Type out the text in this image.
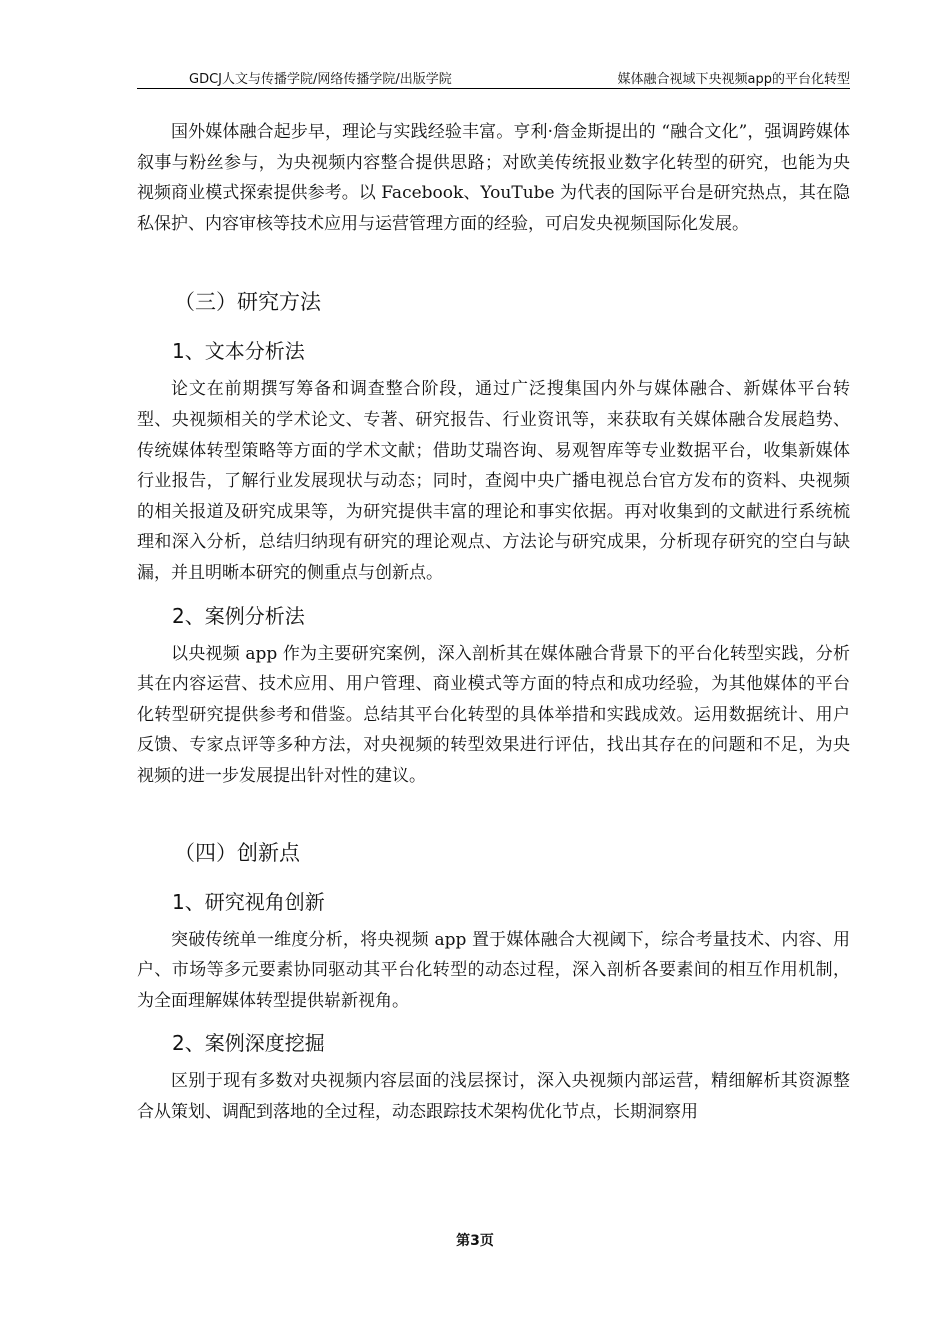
GDCJ人文与传播学院/网络传播学院/出版学院	媒体融合视域下央视频app的平台化转型

国外媒体融合起步早，理论与实践经验丰富。亨利·詹金斯提出的 “融合文化”，强调跨媒体叙事与粉丝参与，为央视频内容整合提供思路；对欧美传统报业数字化转型的研究，也能为央视频商业模式探索提供参考。以 Facebook、YouTube 为代表的国际平台是研究热点，其在隐私保护、内容审核等技术应用与运营管理方面的经验，可启发央视频国际化发展。

（三）研究方法
1、文本分析法

论文在前期撰写筹备和调查整合阶段，通过广泛搜集国内外与媒体融合、新媒体平台转型、央视频相关的学术论文、专著、研究报告、行业资讯等，来获取有关媒体融合发展趋势、传统媒体转型策略等方面的学术文献；借助艾瑞咨询、易观智库等专业数据平台，收集新媒体行业报告，了解行业发展现状与动态；同时，查阅中央广播电视总台官方发布的资料、央视频的相关报道及研究成果等，为研究提供丰富的理论和事实依据。再对收集到的文献进行系统梳理和深入分析，总结归纳现有研究的理论观点、方法论与研究成果，分析现存研究的空白与缺漏，并且明晰本研究的侧重点与创新点。

2、案例分析法

以央视频 app 作为主要研究案例，深入剖析其在媒体融合背景下的平台化转型实践，分析其在内容运营、技术应用、用户管理、商业模式等方面的特点和成功经验，为其他媒体的平台化转型研究提供参考和借鉴。总结其平台化转型的具体举措和实践成效。运用数据统计、用户反馈、专家点评等多种方法，对央视频的转型效果进行评估，找出其存在的问题和不足，为央视频的进一步发展提出针对性的建议。

（四）创新点
1、研究视角创新

突破传统单一维度分析，将央视频 app 置于媒体融合大视阈下，综合考量技术、内容、用户、市场等多元要素协同驱动其平台化转型的动态过程，深入剖析各要素间的相互作用机制，为全面理解媒体转型提供崭新视角。

2、案例深度挖掘

区别于现有多数对央视频内容层面的浅层探讨，深入央视频内部运营，精细解析其资源整合从策划、调配到落地的全过程，动态跟踪技术架构优化节点，长期洞察用

第3页
